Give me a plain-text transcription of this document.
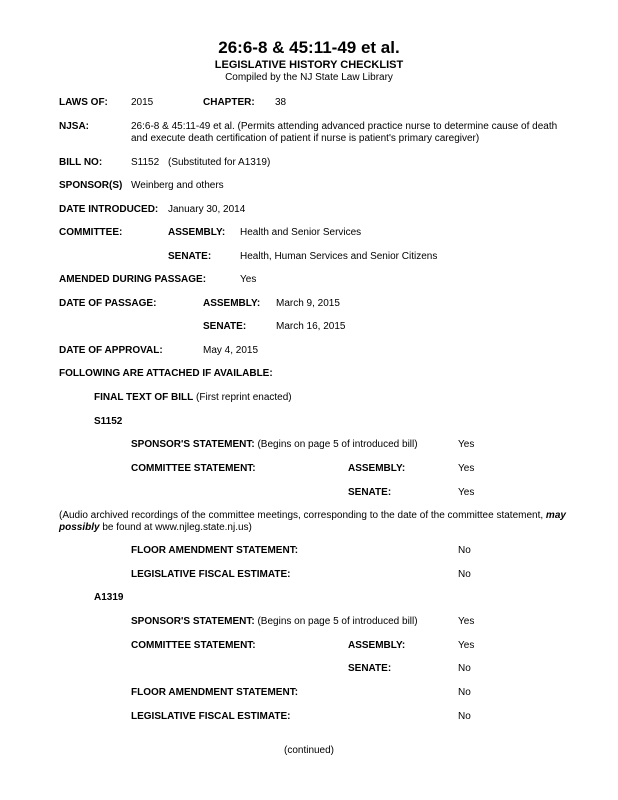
26:6-8 & 45:11-49 et al.
LEGISLATIVE HISTORY CHECKLIST
Compiled by the NJ State Law Library
LAWS OF: 2015	CHAPTER: 38
NJSA:	26:6-8 & 45:11-49 et al. (Permits attending advanced practice nurse to determine cause of death and execute death certification of patient if nurse is patient's primary caregiver)
BILL NO:	S1152 (Substituted for A1319)
SPONSOR(S) Weinberg and others
DATE INTRODUCED: January 30, 2014
COMMITTEE:	ASSEMBLY: Health and Senior Services
SENATE:	Health, Human Services and Senior Citizens
AMENDED DURING PASSAGE:	Yes
DATE OF PASSAGE:	ASSEMBLY: March 9, 2015
SENATE:	March 16, 2015
DATE OF APPROVAL:	May 4, 2015
FOLLOWING ARE ATTACHED IF AVAILABLE:
FINAL TEXT OF BILL (First reprint enacted)
S1152
SPONSOR'S STATEMENT: (Begins on page 5 of introduced bill)	Yes
COMMITTEE STATEMENT:	ASSEMBLY:	Yes
SENATE:	Yes
(Audio archived recordings of the committee meetings, corresponding to the date of the committee statement, may possibly be found at www.njleg.state.nj.us)
FLOOR AMENDMENT STATEMENT:	No
LEGISLATIVE FISCAL ESTIMATE:	No
A1319
SPONSOR'S STATEMENT: (Begins on page 5 of introduced bill)	Yes
COMMITTEE STATEMENT:	ASSEMBLY:	Yes
SENATE:	No
FLOOR AMENDMENT STATEMENT:	No
LEGISLATIVE FISCAL ESTIMATE:	No
(continued)
